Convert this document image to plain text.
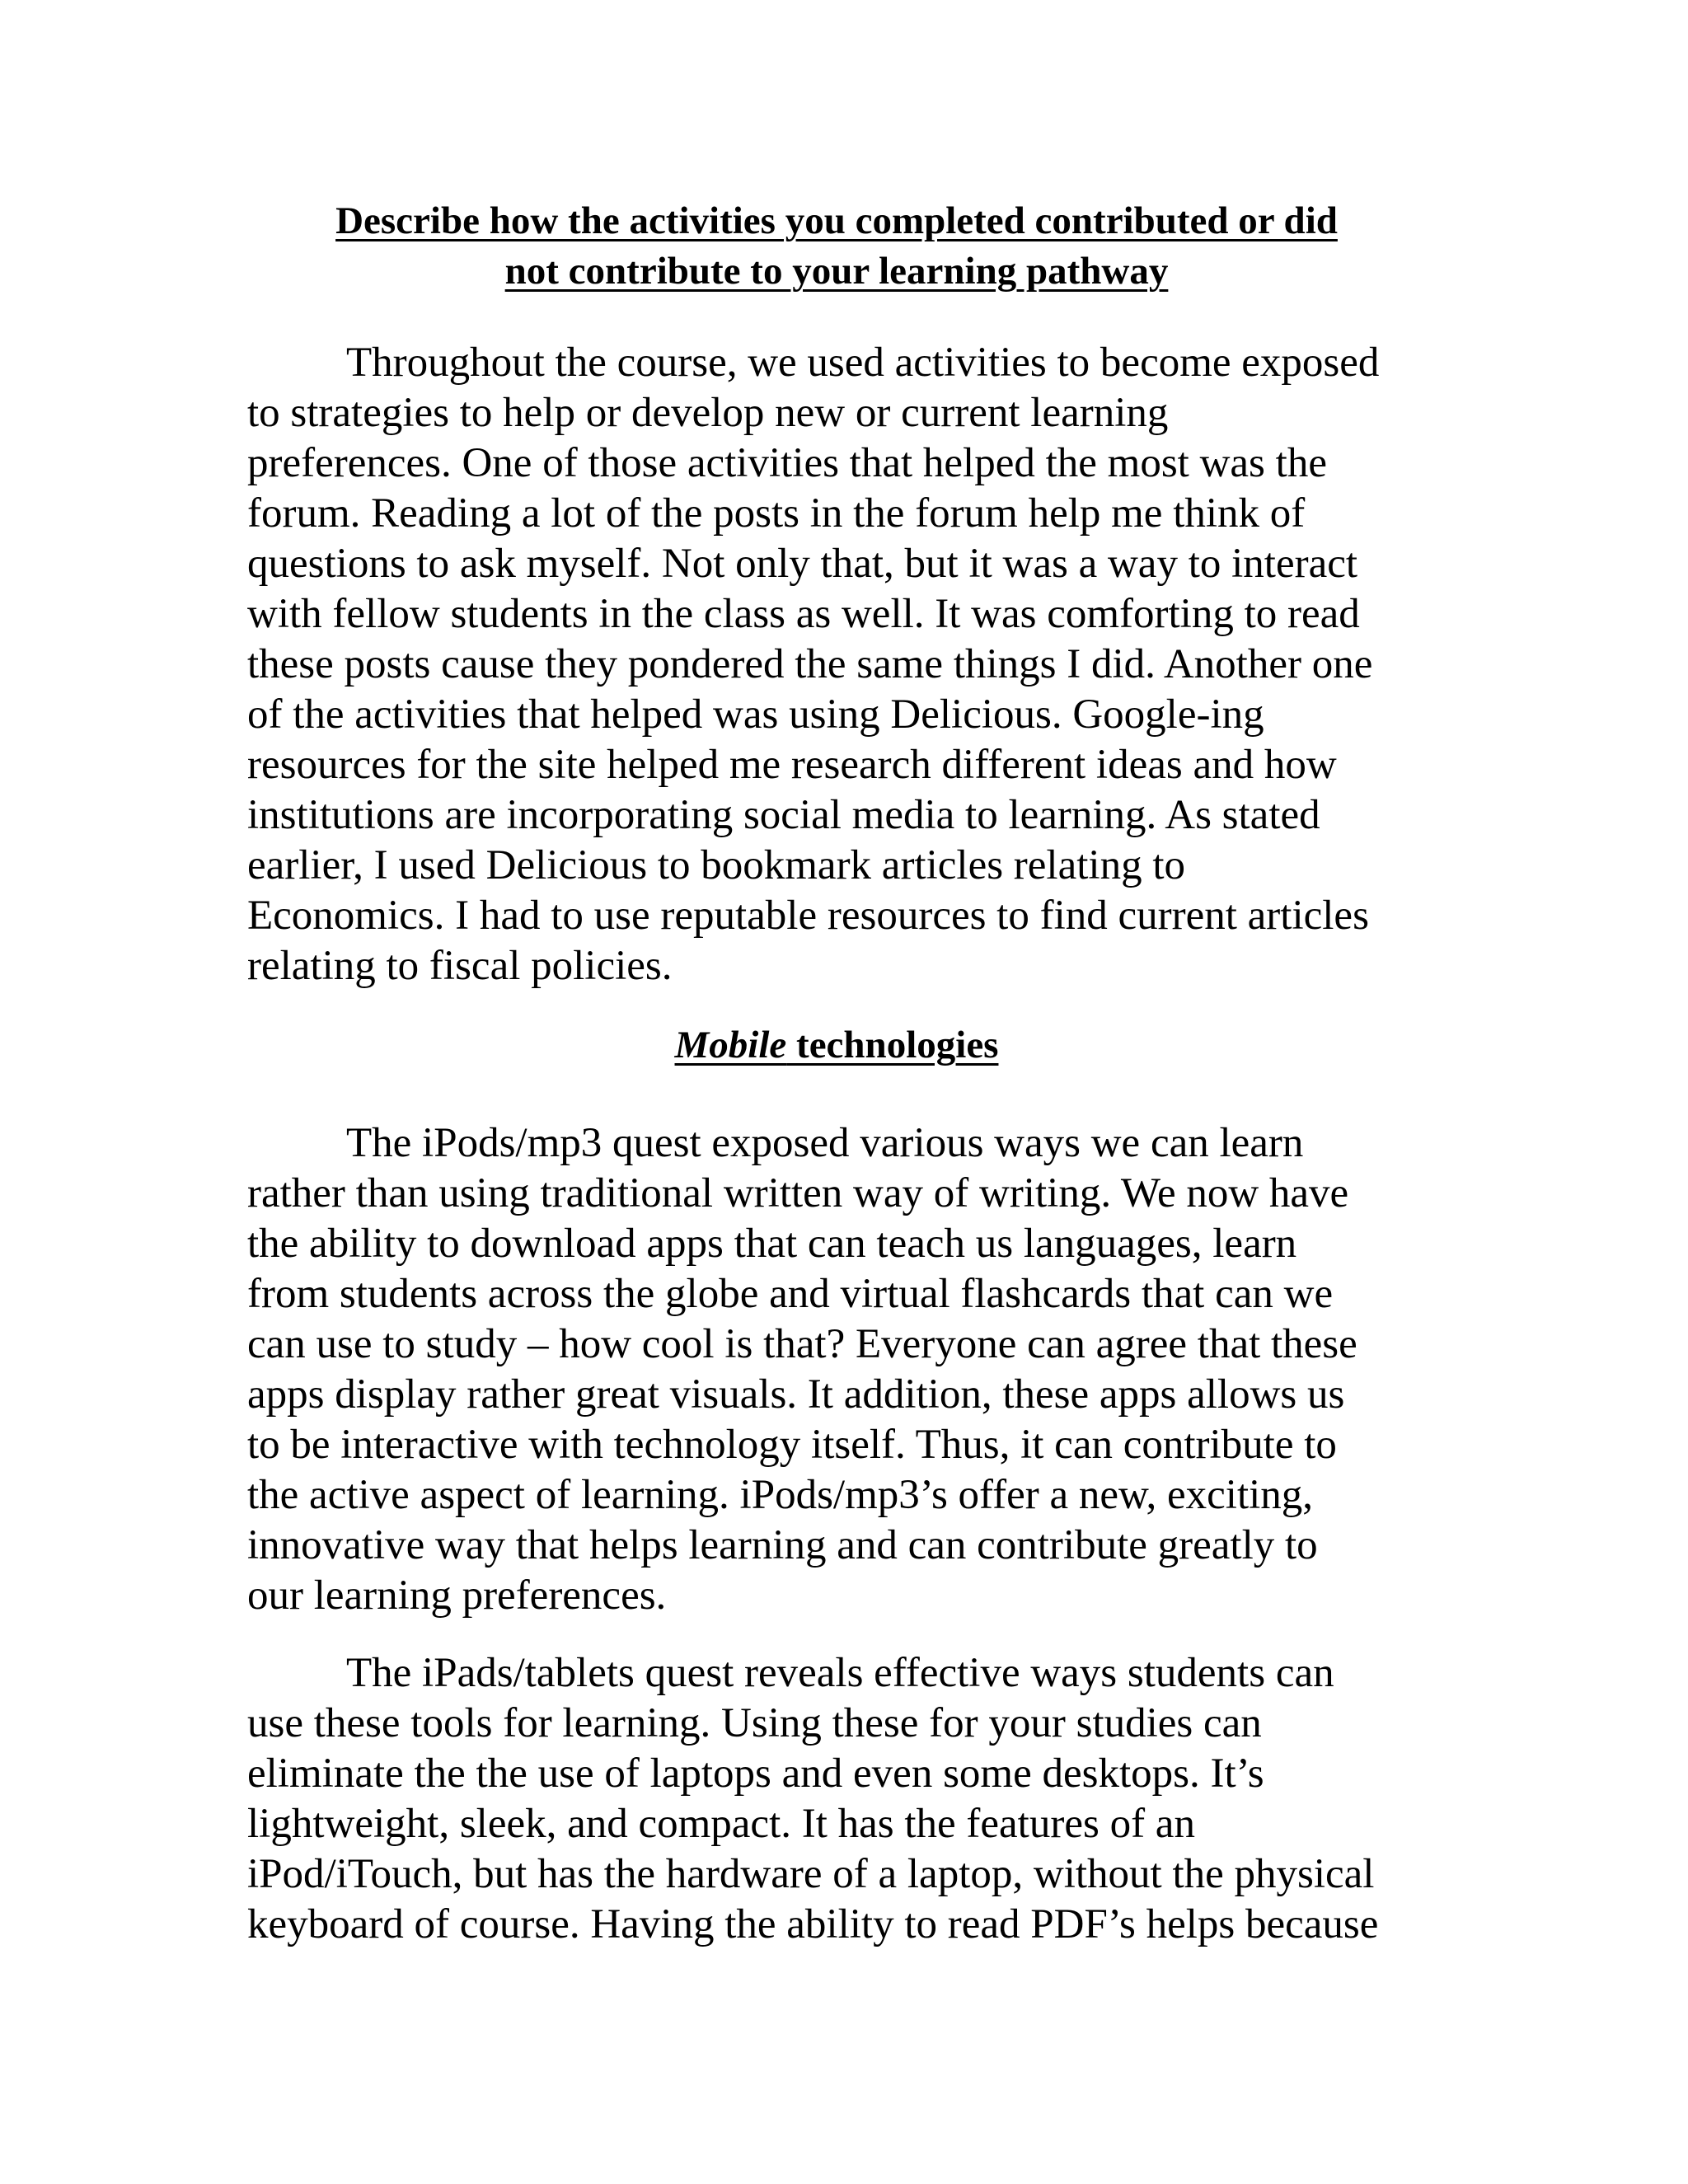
Describe how the activities you completed contributed or did
not contribute to your learning pathway
Throughout the course, we used activities to become exposed
to strategies to help or develop new or current learning
preferences. One of those activities that helped the most was the
forum. Reading a lot of the posts in the forum help me think of
questions to ask myself. Not only that, but it was a way to interact
with fellow students in the class as well. It was comforting to read
these posts cause they pondered the same things I did. Another one
of the activities that helped was using Delicious. Google-ing
resources for the site helped me research different ideas and how
institutions are incorporating social media to learning. As stated
earlier, I used Delicious to bookmark articles relating to
Economics. I had to use reputable resources to find current articles
relating to fiscal policies.
Mobile technologies
The iPods/mp3 quest exposed various ways we can learn
rather than using traditional written way of writing. We now have
the ability to download apps that can teach us languages, learn
from students across the globe and virtual flashcards that can we
can use to study – how cool is that? Everyone can agree that these
apps display rather great visuals. It addition, these apps allows us
to be interactive with technology itself. Thus, it can contribute to
the active aspect of learning. iPods/mp3’s offer a new, exciting,
innovative way that helps learning and can contribute greatly to
our learning preferences.
The iPads/tablets quest reveals effective ways students can
use these tools for learning. Using these for your studies can
eliminate the the use of laptops and even some desktops. It’s
lightweight, sleek, and compact. It has the features of an
iPod/iTouch, but has the hardware of a laptop, without the physical
keyboard of course. Having the ability to read PDF’s helps because
